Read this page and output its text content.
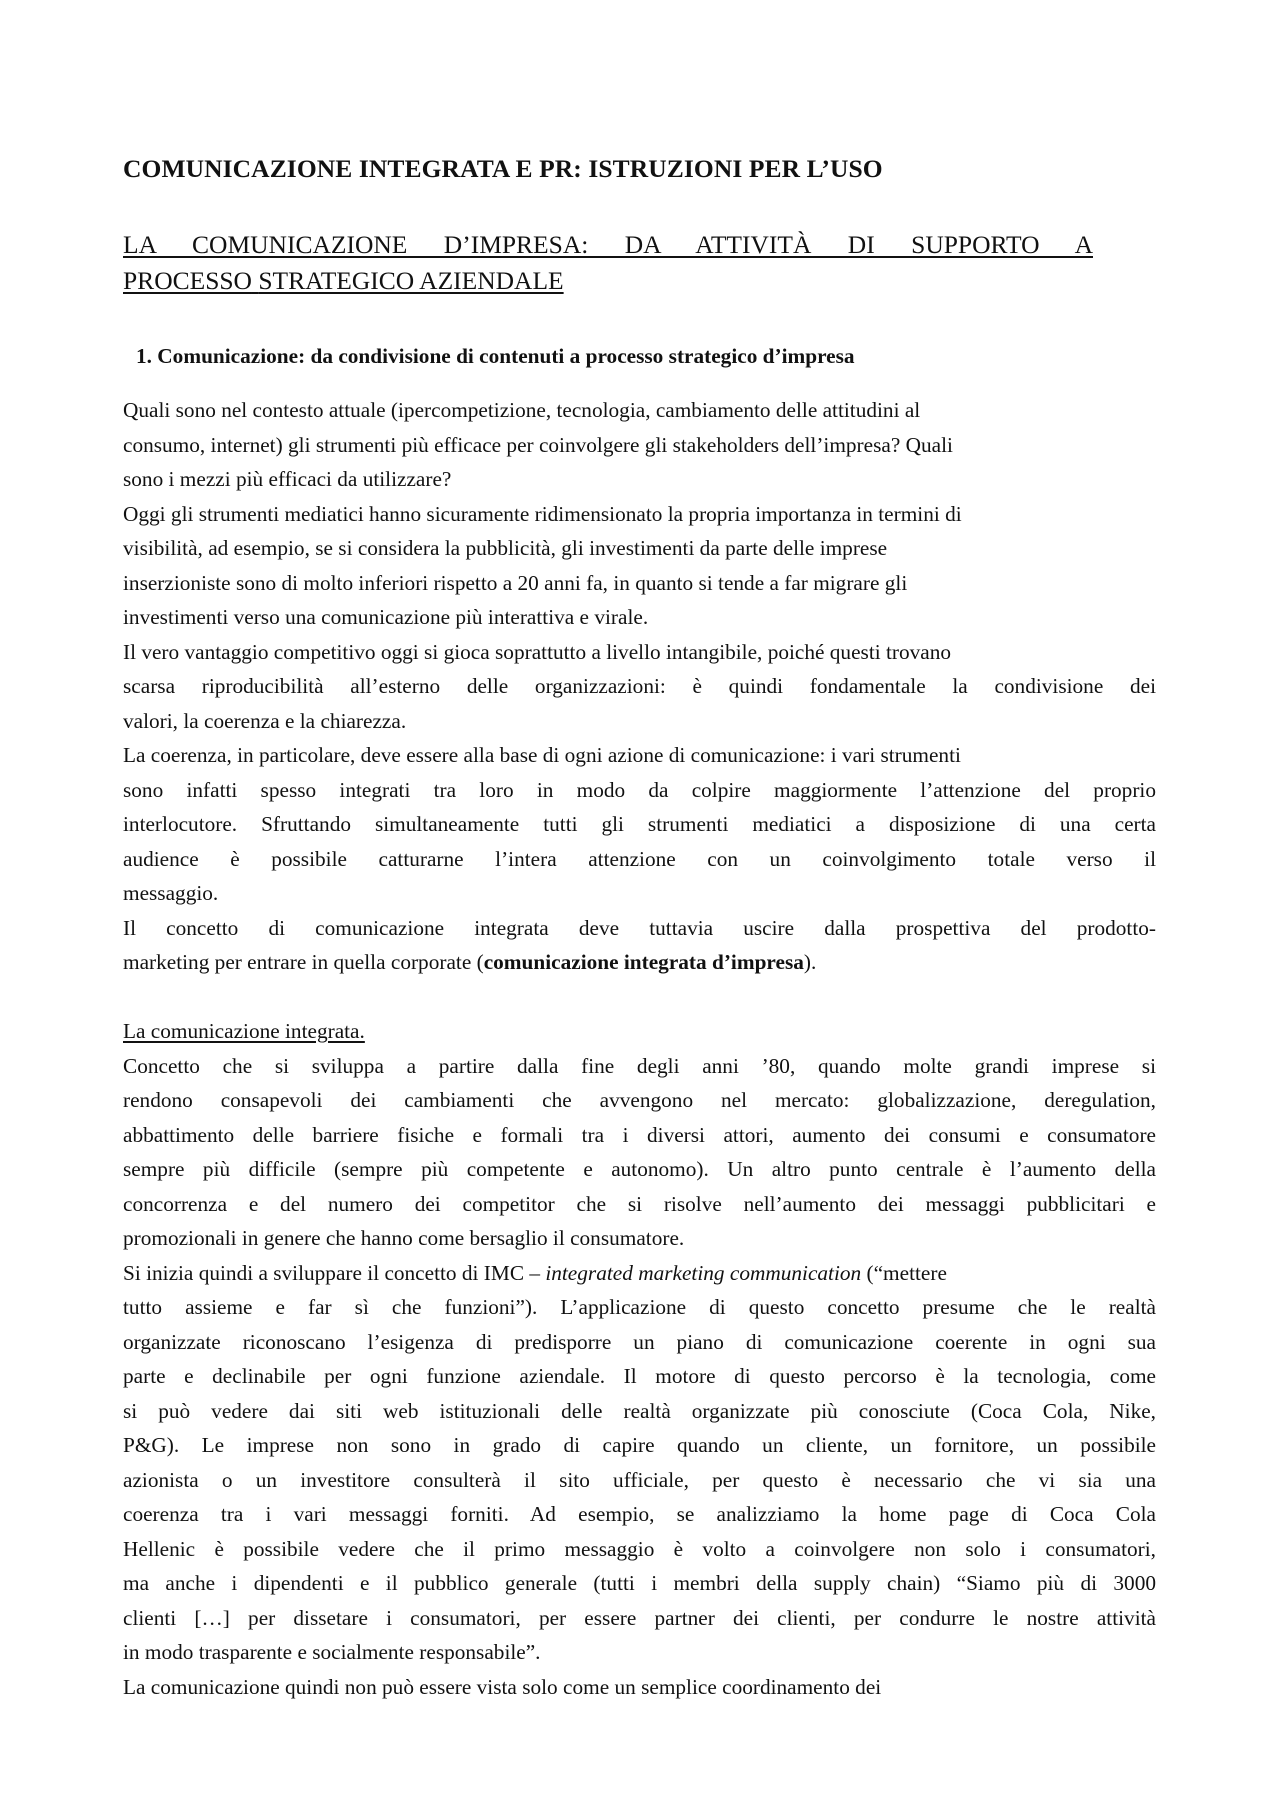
COMUNICAZIONE INTEGRATA E PR: ISTRUZIONI PER L’USO
LA COMUNICAZIONE D’IMPRESA: DA ATTIVITÀ DI SUPPORTO A
PROCESSO STRATEGICO AZIENDALE
1. Comunicazione: da condivisione di contenuti a processo strategico d’impresa

Quali sono nel contesto attuale (ipercompetizione, tecnologia, cambiamento delle attitudini al
consumo, internet) gli strumenti più efficace per coinvolgere gli stakeholders dell’impresa? Quali
sono i mezzi più efficaci da utilizzare?

Oggi gli strumenti mediatici hanno sicuramente ridimensionato la propria importanza in termini di
visibilità, ad esempio, se si considera la pubblicità, gli investimenti da parte delle imprese
inserzioniste sono di molto inferiori rispetto a 20 anni fa, in quanto si tende a far migrare gli
investimenti verso una comunicazione più interattiva e virale.

Il vero vantaggio competitivo oggi si gioca soprattutto a livello intangibile, poiché questi trovano
scarsa riproducibilità all’esterno delle organizzazioni: è quindi fondamentale la condivisione dei
valori, la coerenza e la chiarezza.

La coerenza, in particolare, deve essere alla base di ogni azione di comunicazione: i vari strumenti
sono infatti spesso integrati tra loro in modo da colpire maggiormente l’attenzione del proprio
interlocutore. Sfruttando simultaneamente tutti gli strumenti mediatici a disposizione di una certa
audience è possibile catturarne l’intera attenzione con un coinvolgimento totale verso il
messaggio.

Il concetto di comunicazione integrata deve tuttavia uscire dalla prospettiva del prodotto-
marketing per entrare in quella corporate (comunicazione integrata d’impresa).

La comunicazione integrata.

Concetto che si sviluppa a partire dalla fine degli anni ’80, quando molte grandi imprese si
rendono consapevoli dei cambiamenti che avvengono nel mercato: globalizzazione, deregulation,
abbattimento delle barriere fisiche e formali tra i diversi attori, aumento dei consumi e consumatore
sempre più difficile (sempre più competente e autonomo). Un altro punto centrale è l’aumento della
concorrenza e del numero dei competitor che si risolve nell’aumento dei messaggi pubblicitari e
promozionali in genere che hanno come bersaglio il consumatore.

Si inizia quindi a sviluppare il concetto di IMC – integrated marketing communication (“mettere
tutto assieme e far sì che funzioni”). L’applicazione di questo concetto presume che le realtà
organizzate riconoscano l’esigenza di predisporre un piano di comunicazione coerente in ogni sua
parte e declinabile per ogni funzione aziendale. Il motore di questo percorso è la tecnologia, come
si può vedere dai siti web istituzionali delle realtà organizzate più conosciute (Coca Cola, Nike,
P&G). Le imprese non sono in grado di capire quando un cliente, un fornitore, un possibile
azionista o un investitore consulterà il sito ufficiale, per questo è necessario che vi sia una
coerenza tra i vari messaggi forniti. Ad esempio, se analizziamo la home page di Coca Cola
Hellenic è possibile vedere che il primo messaggio è volto a coinvolgere non solo i consumatori,
ma anche i dipendenti e il pubblico generale (tutti i membri della supply chain) “Siamo più di 3000
clienti […] per dissetare i consumatori, per essere partner dei clienti, per condurre le nostre attività
in modo trasparente e socialmente responsabile”.

La comunicazione quindi non può essere vista solo come un semplice coordinamento dei
